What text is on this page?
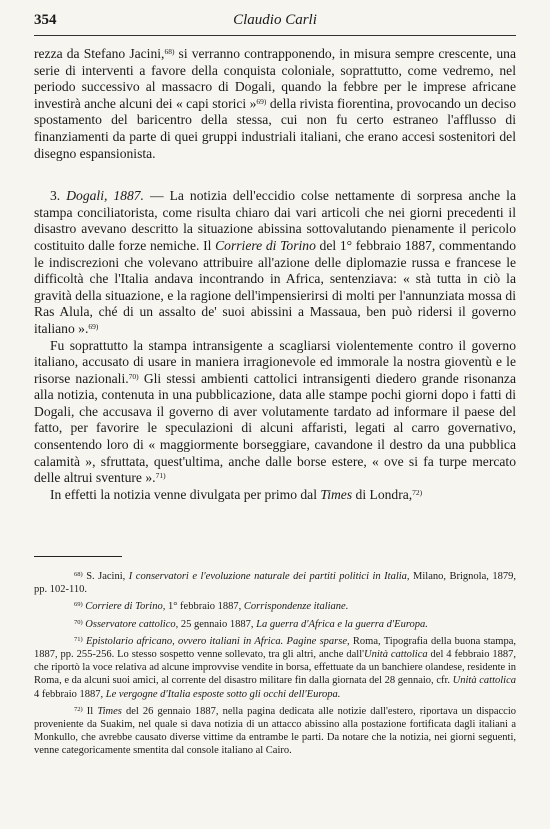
354	Claudio Carli

rezza da Stefano Jacini,$^{68)}$ si verranno contrapponendo, in misura sempre crescente, una serie di interventi a favore della conquista coloniale, soprattutto, come vedremo, nel periodo successivo al massacro di Dogali, quando la febbre per le imprese africane investirà anche alcuni dei « capi storici »$^{69)}$ della rivista fiorentina, provocando un deciso spostamento del baricentro della stessa, cui non fu certo estraneo l'afflusso di finanziamenti da parte di quei gruppi industriali italiani, che erano accesi sostenitori del disegno espansionista.

3. Dogali, 1887. — La notizia dell'eccidio colse nettamente di sorpresa anche la stampa conciliatorista, come risulta chiaro dai vari articoli che nei giorni precedenti il disastro avevano descritto la situazione abissina sottovalutando pienamente il pericolo costituito dalle forze nemiche. Il Corriere di Torino del 1° febbraio 1887, commentando le indiscrezioni che volevano attribuire all'azione delle diplomazie russa e francese le difficoltà che l'Italia andava incontrando in Africa, sentenziava: « stà tutta in ciò la gravità della situazione, e la ragione dell'impensierirsi di molti per l'annunziata mossa di Ras Alula, ché di un assalto de' suoi abissini a Massaua, ben può ridersi il governo italiano ».$^{69)}$

Fu soprattutto la stampa intransigente a scagliarsi violentemente contro il governo italiano, accusato di usare in maniera irragionevole ed immorale la nostra gioventù e le risorse nazionali.$^{70)}$ Gli stessi ambienti cattolici intransigenti diedero grande risonanza alla notizia, contenuta in una pubblicazione, data alle stampe pochi giorni dopo i fatti di Dogali, che accusava il governo di aver volutamente tardato ad informare il paese del fatto, per favorire le speculazioni di alcuni affaristi, legati al carro governativo, consentendo loro di « maggiormente borseggiare, cavandone il destro da una pubblica calamità », sfruttata, quest'ultima, anche dalle borse estere, « ove si fa turpe mercato delle altrui sventure ».$^{71)}$

In effetti la notizia venne divulgata per primo dal Times di Londra,$^{72)}$

$^{68)}$ S. Jacini, I conservatori e l'evoluzione naturale dei partiti politici in Italia, Milano, Brignola, 1879, pp. 102-110.

$^{69)}$ Corriere di Torino, 1° febbraio 1887, Corrispondenze italiane.

$^{70)}$ Osservatore cattolico, 25 gennaio 1887, La guerra d'Africa e la guerra d'Europa.

$^{71)}$ Epistolario africano, ovvero italiani in Africa. Pagine sparse, Roma, Tipografia della buona stampa, 1887, pp. 255-256. Lo stesso sospetto venne sollevato, tra gli altri, anche dall'Unità cattolica del 4 febbraio 1887, che riportò la voce relativa ad alcune improvvise vendite in borsa, effettuate da un banchiere olandese, residente in Roma, e da alcuni suoi amici, al corrente del disastro militare fin dalla giornata del 28 gennaio, cfr. Unità cattolica 4 febbraio 1887, Le vergogne d'Italia esposte sotto gli occhi dell'Europa.

$^{72)}$ Il Times del 26 gennaio 1887, nella pagina dedicata alle notizie dall'estero, riportava un dispaccio proveniente da Suakim, nel quale si dava notizia di un attacco abissino alla postazione fortificata dagli italiani a Monkullo, che avrebbe causato diverse vittime da entrambe le parti. Da notare che la notizia, nei giorni seguenti, venne categoricamente smentita dal console italiano al Cairo.
